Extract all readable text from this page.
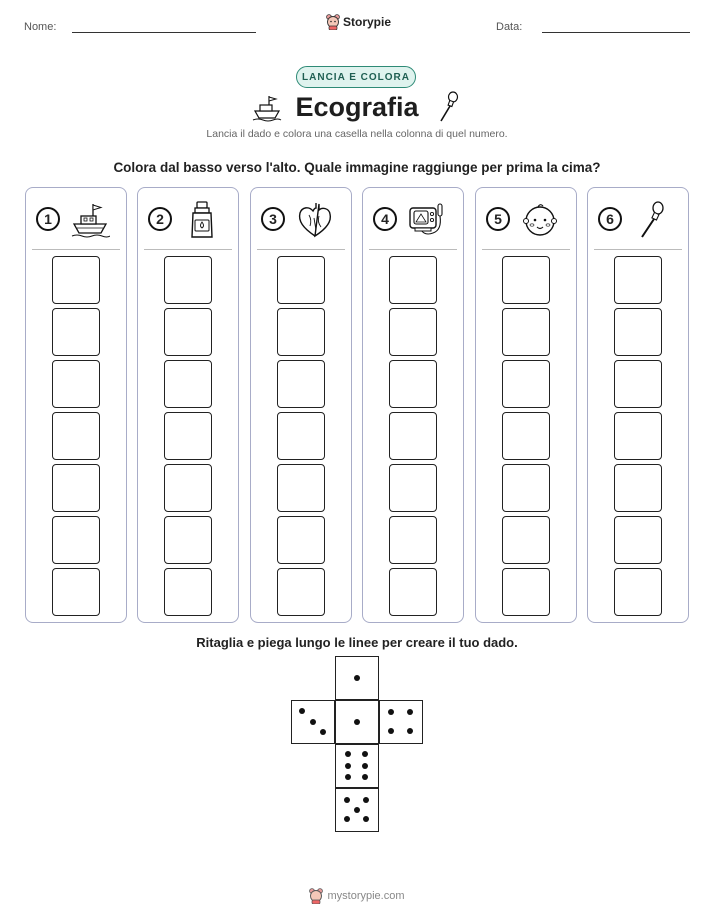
Nome:	Storypie	Data:
LANCIA E COLORA
Ecografia
Lancia il dado e colora una casella nella colonna di quel numero.
Colora dal basso verso l'alto. Quale immagine raggiunge per prima la cima?
1	2	3	4	5	6
Ritaglia e piega lungo le linee per creare il tuo dado.
mystorypie.com
